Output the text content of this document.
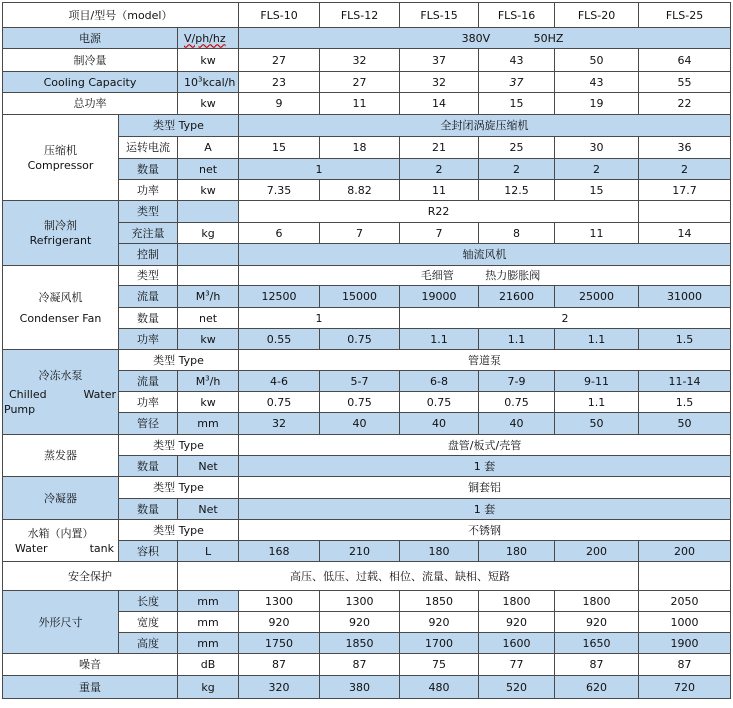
项目/型号（model）			FLS-10	FLS-12	FLS-15	FLS-16	FLS-20	FLS-25
电源		V/ph/hz	380V 50HZ					
制冷量		kw	27	32	37	43	50	64
Cooling Capacity		$10^3kcal/h$	23	27	32	37	43	55
总功率		kw	9	11	14	15	19	22

压缩机
Compressor	类型 Type		全封闭涡旋压缩机					
	运转电流	A	15	18	21	25	30	36
	数量	net	1		2	2	2	2
	功率	kw	7.35	8.82	11	12.5	15	17.7

制冷剂
Refrigerant	类型		R22					
	充注量	kg	6	7	7	8	11	14
	控制		轴流风机					

冷凝风机
Condenser Fan	类型		毛细管 热力膨胀阀					
	流量	$M^3/h$	12500	15000	19000	21600	25000	31000
	数量	net	1		2			
	功率	kw	0.55	0.75	1.1	1.1	1.1	1.5

冷冻水泵
Chilled Water
Pump	类型 Type		管道泵					
	流量	$M^3/h$	4-6	5-7	6-8	7-9	9-11	11-14
	功率	kw	0.75	0.75	0.75	0.75	1.1	1.5
	管径	mm	32	40	40	40	50	50
蒸发器	类型 Type		盘管/板式/壳管					
	数量	Net	1 套					
冷凝器	类型 Type		铜套铝					
	数量	Net	1 套					

水箱（内置）
Water tank	类型 Type		不锈钢					
	容积	L	168	210	180	180	200	200
安全保护		高压、低压、过载、相位、流量、缺相、短路						
外形尺寸	长度	mm	1300	1300	1850	1800	1800	2050
	宽度	mm	920	920	920	920	920	1000
	高度	mm	1750	1850	1700	1600	1650	1900
噪音		dB	87	87	75	77	87	87
重量		kg	320	380	480	520	620	720
